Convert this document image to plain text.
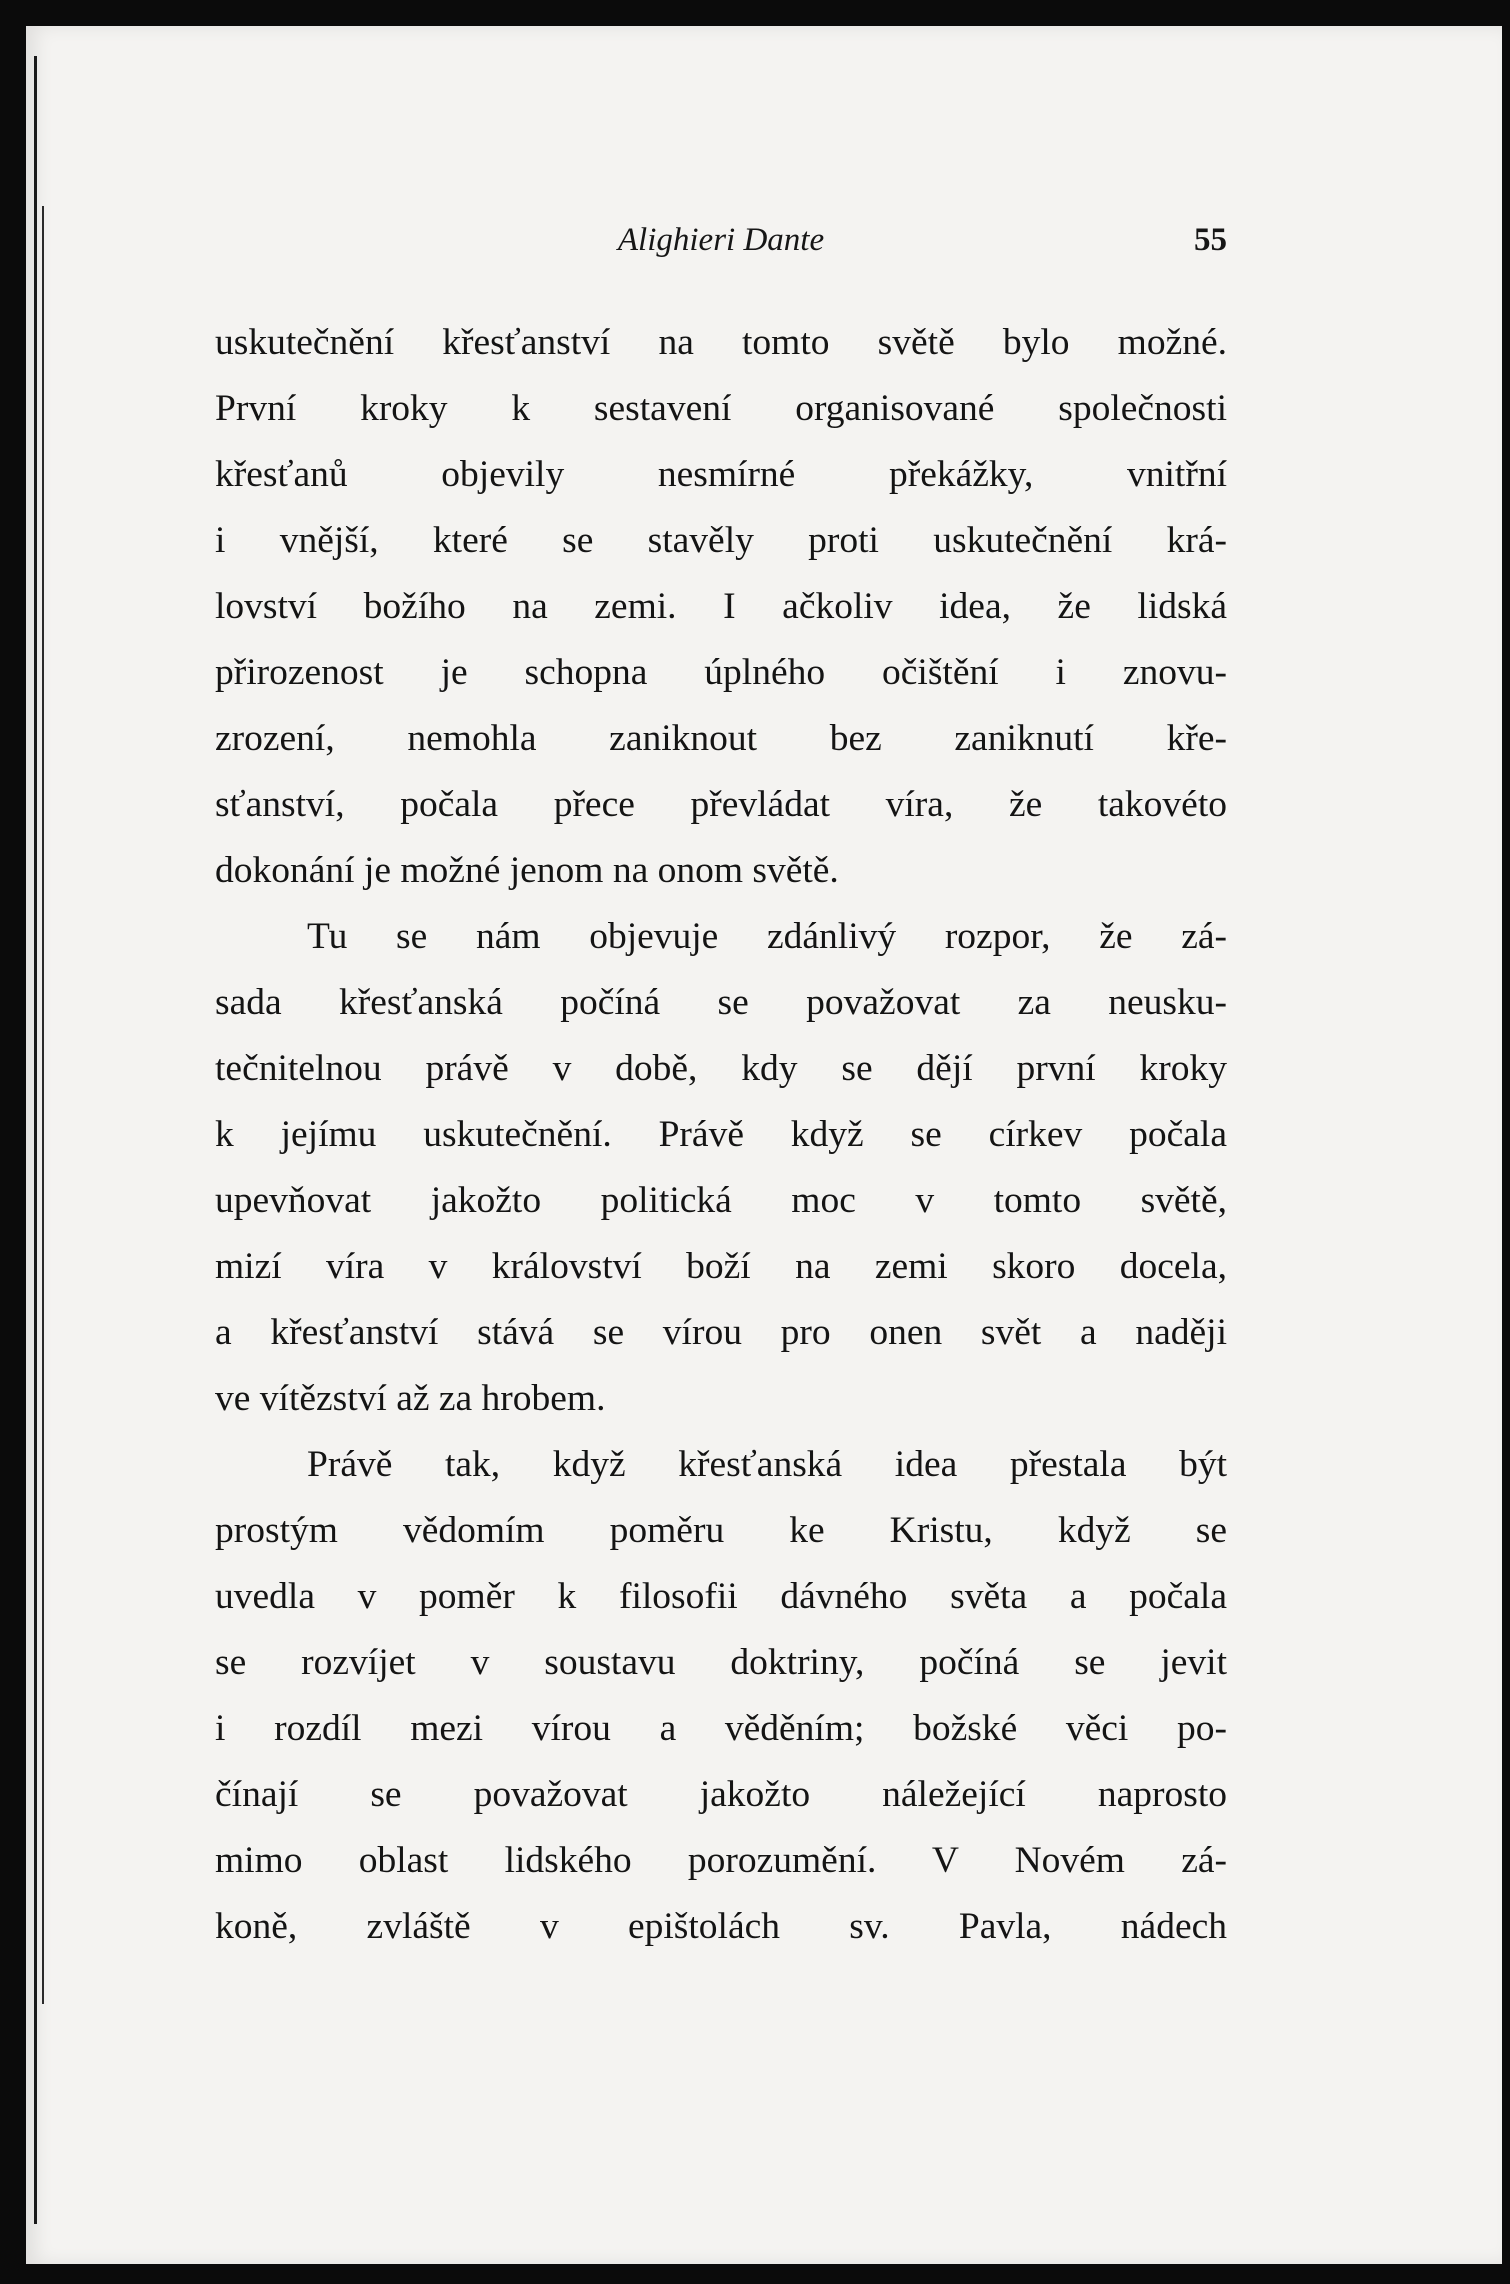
Alighieri Dante	55
uskutečnění křesťanství na tomto světě bylo možné.
První kroky k sestavení organisované společnosti
křesťanů objevily nesmírné překážky, vnitřní
i vnější, které se stavěly proti uskutečnění krá-
lovství božího na zemi. I ačkoliv idea, že lidská
přirozenost je schopna úplného očištění i znovu-
zrození, nemohla zaniknout bez zaniknutí kře-
sťanství, počala přece převládat víra, že takovéto
dokonání je možné jenom na onom světě.
Tu se nám objevuje zdánlivý rozpor, že zá-
sada křesťanská počíná se považovat za neusku-
tečnitelnou právě v době, kdy se dějí první kroky
k jejímu uskutečnění. Právě když se církev počala
upevňovat jakožto politická moc v tomto světě,
mizí víra v království boží na zemi skoro docela,
a křesťanství stává se vírou pro onen svět a naději
ve vítězství až za hrobem.
Právě tak, když křesťanská idea přestala být
prostým vědomím poměru ke Kristu, když se
uvedla v poměr k filosofii dávného světa a počala
se rozvíjet v soustavu doktriny, počíná se jevit
i rozdíl mezi vírou a věděním; božské věci po-
čínají se považovat jakožto náležející naprosto
mimo oblast lidského porozumění. V Novém zá-
koně, zvláště v epištolách sv. Pavla, nádech
